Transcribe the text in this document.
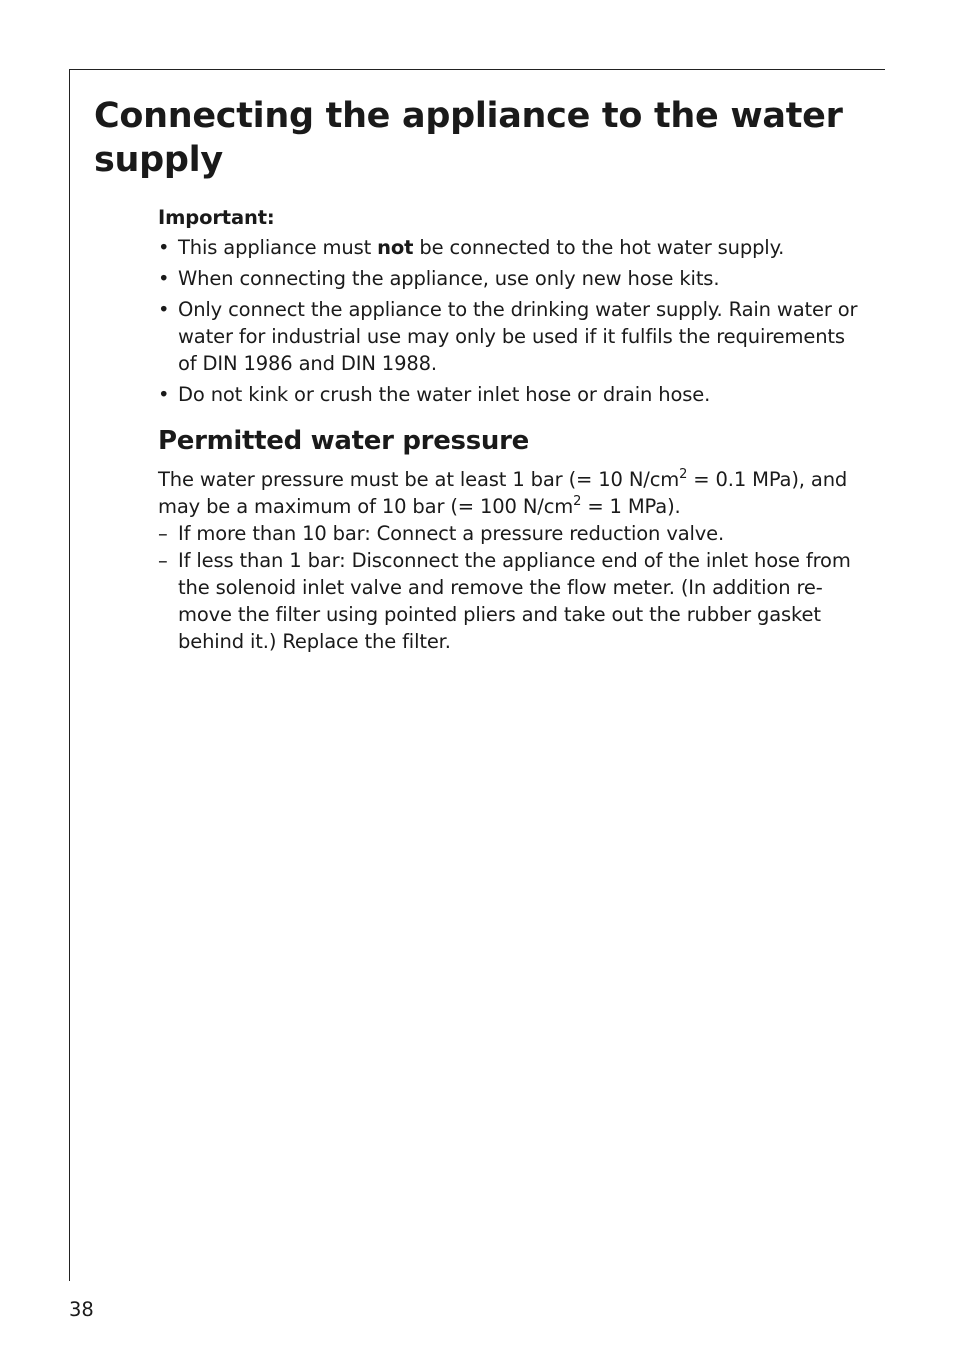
Connecting the appliance to the water supply
Important:
• This appliance must not be connected to the hot water supply.
• When connecting the appliance, use only new hose kits.
• Only connect the appliance to the drinking water supply. Rain water or water for industrial use may only be used if it fulfils the requirements of DIN 1986 and DIN 1988.
• Do not kink or crush the water inlet hose or drain hose.
Permitted water pressure

The water pressure must be at least 1 bar (= 10 $N/cm^2 = 0.1$ MPa), and may be a maximum of 10 bar (= 100 $N/cm^2 = 1$ MPa).

– If more than 10 bar: Connect a pressure reduction valve.
– If less than 1 bar: Disconnect the appliance end of the inlet hose from the solenoid inlet valve and remove the flow meter. (In addition remove the filter using pointed pliers and take out the rubber gasket behind it.) Replace the filter.
38
